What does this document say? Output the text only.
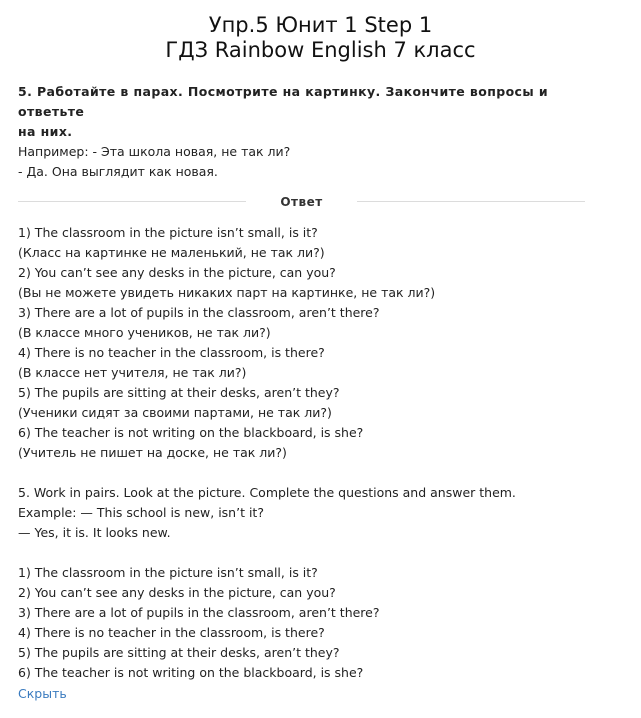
Упр.5 Юнит 1 Step 1
ГДЗ Rainbow English 7 класс
5. Работайте в парах. Посмотрите на картинку. Закончите вопросы и ответьте
на них.
Например: - Эта школа новая, не так ли?
- Да. Она выглядит как новая.
Ответ
1) The classroom in the picture isn’t small, is it?
(Класс на картинке не маленький, не так ли?)
2) You can’t see any desks in the picture, can you?
(Вы не можете увидеть никаких парт на картинке, не так ли?)
3) There are a lot of pupils in the classroom, aren’t there?
(В классе много учеников, не так ли?)
4) There is no teacher in the classroom, is there?
(В классе нет учителя, не так ли?)
5) The pupils are sitting at their desks, aren’t they?
(Ученики сидят за своими партами, не так ли?)
6) The teacher is not writing on the blackboard, is she?
(Учитель не пишет на доске, не так ли?)
5. Work in pairs. Look at the picture. Complete the questions and answer them.
Example: — This school is new, isn’t it?
— Yes, it is. It looks new.
1) The classroom in the picture isn’t small, is it?
2) You can’t see any desks in the picture, can you?
3) There are a lot of pupils in the classroom, aren’t there?
4) There is no teacher in the classroom, is there?
5) The pupils are sitting at their desks, aren’t they?
6) The teacher is not writing on the blackboard, is she?
Скрыть
